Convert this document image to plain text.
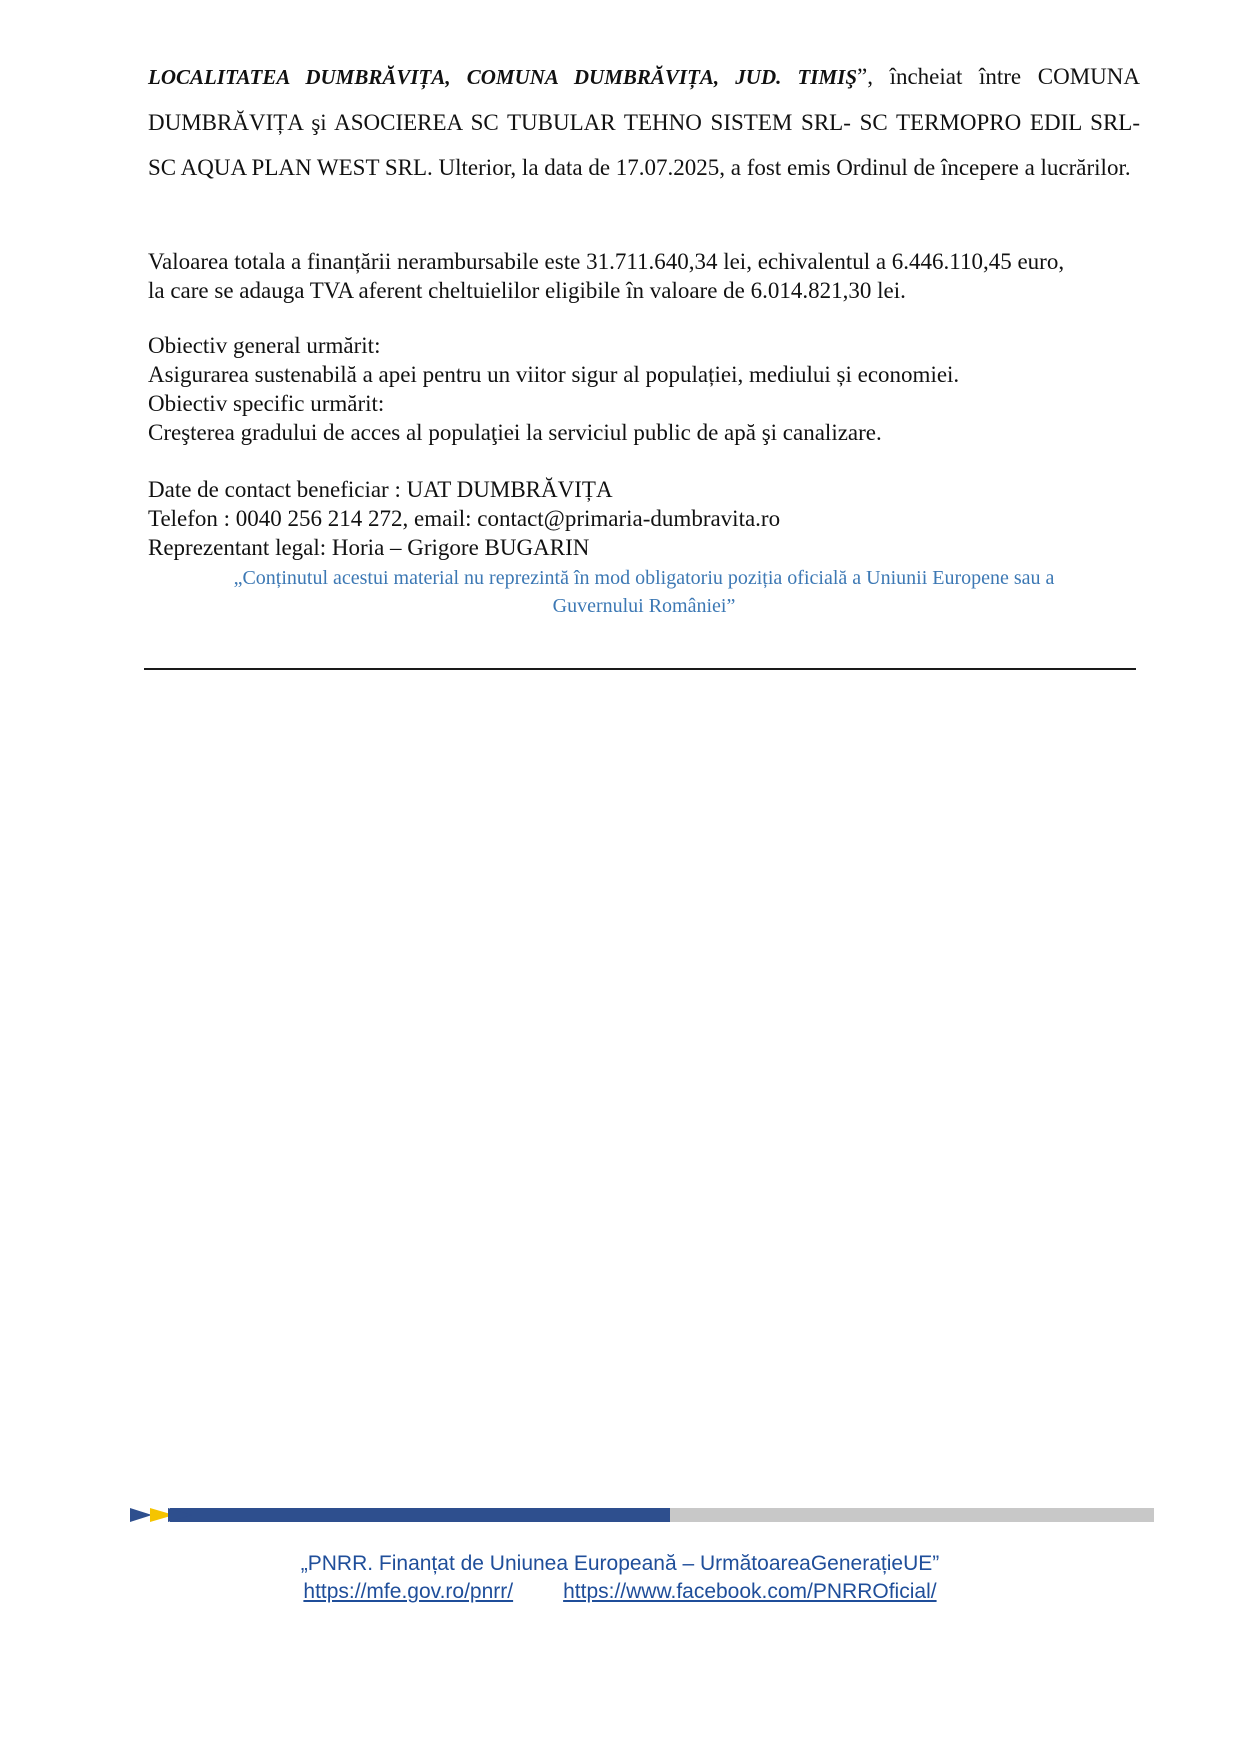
LOCALITATEA DUMBRĂVIȚA, COMUNA DUMBRĂVIȚA, JUD. TIMIŞ”, încheiat între COMUNA DUMBRĂVIȚA şi ASOCIEREA SC TUBULAR TEHNO SISTEM SRL- SC TERMOPRO EDIL SRL- SC AQUA PLAN WEST SRL. Ulterior, la data de 17.07.2025, a fost emis Ordinul de începere a lucrărilor.

Valoarea totala a finanțării nerambursabile este 31.711.640,34 lei, echivalentul a 6.446.110,45 euro,

la care se adauga TVA aferent cheltuielilor eligibile în valoare de 6.014.821,30 lei.

Obiectiv general urmărit:

Asigurarea sustenabilă a apei pentru un viitor sigur al populației, mediului și economiei.

Obiectiv specific urmărit:

Creşterea gradului de acces al populaţiei la serviciul public de apă şi canalizare.

Date de contact beneficiar : UAT DUMBRĂVIȚA

Telefon : 0040 256 214 272, email: contact@primaria-dumbravita.ro

Reprezentant legal: Horia – Grigore BUGARIN

„Conținutul acestui material nu reprezintă în mod obligatoriu poziția oficială a Uniunii Europene sau a
Guvernului României”

„PNRR. Finanțat de Uniunea Europeană – UrmătoareaGenerațieUE”

https://mfe.gov.ro/pnrr/ https://www.facebook.com/PNRROficial/
